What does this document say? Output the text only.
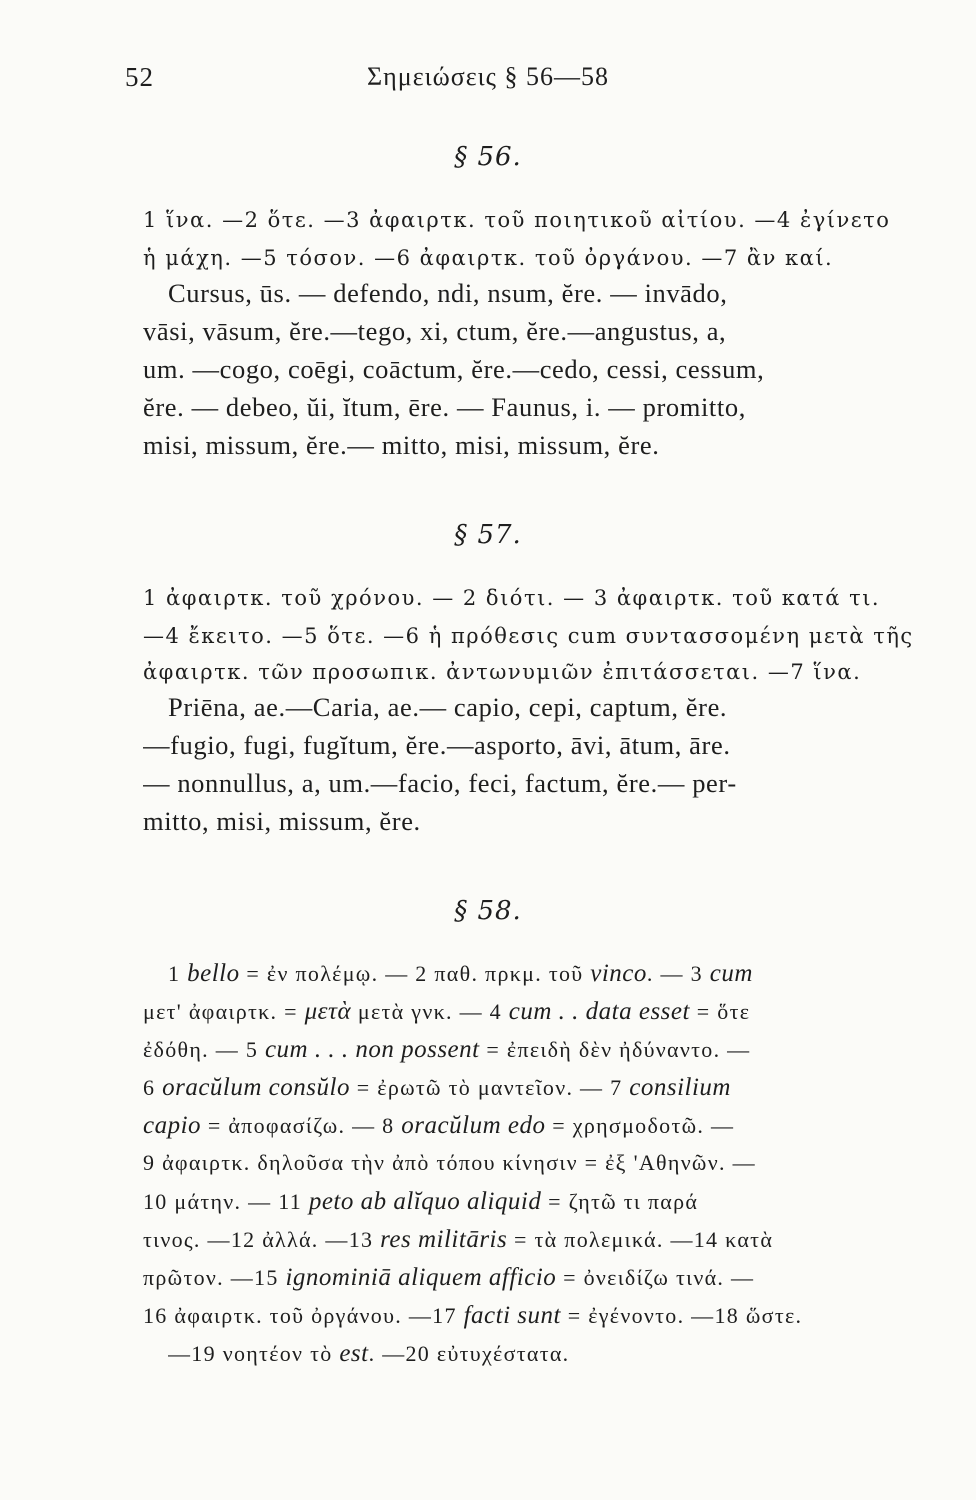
52	Σημειώσεις § 56—58
§ 56.
1 ἵνα. —2 ὅτε. —3 ἀφαιρτκ. τοῦ ποιητικοῦ αἰτίου. —4 ἐγίνετο
ἡ μάχη. —5 τόσον. —6 ἀφαιρτκ. τοῦ ὀργάνου. —7 ἂν καί.
Cursus, ūs. — defendo, ndi, nsum, ĕre. — invādo,
vāsi, vāsum, ĕre.—tego, xi, ctum, ĕre.—angustus, a,
um. —cogo, coēgi, coāctum, ĕre.—cedo, cessi, cessum,
ĕre. — debeo, ŭi, ĭtum, ēre. — Faunus, i. — promitto,
misi, missum, ĕre.— mitto, misi, missum, ĕre.
§ 57.
1 ἀφαιρτκ. τοῦ χρόνου. — 2 διότι. — 3 ἀφαιρτκ. τοῦ κατά τι.
—4 ἔκειτο. —5 ὅτε. —6 ἡ πρόθεσις cum συντασσομένη μετὰ τῆς
ἀφαιρτκ. τῶν προσωπικ. ἀντωνυμιῶν ἐπιτάσσεται. —7 ἵνα.
Priēna, ae.—Caria, ae.— capio, cepi, captum, ĕre.
—fugio, fugi, fugĭtum, ĕre.—asporto, āvi, ātum, āre.
— nonnullus, a, um.—facio, feci, factum, ĕre.— per-
mitto, misi, missum, ĕre.
§ 58.
1 bello = ἐν πολέμῳ. — 2 παθ. πρκμ. τοῦ vinco. — 3 cum
μετ' ἀφαιρτκ. = μετὰ μετὰ γνκ. — 4 cum . . data esset = ὅτε
ἐδόθη. — 5 cum . . . non possent = ἐπειδὴ δὲν ἠδύναντο. —
6 oracŭlum consŭlo = ἐρωτῶ τὸ μαντεῖον. — 7 consilium
capio = ἀποφασίζω. — 8 oracŭlum edo = χρησμοδοτῶ. —
9 ἀφαιρτκ. δηλοῦσα τὴν ἀπὸ τόπου κίνησιν = ἐξ 'Αθηνῶν. —
10 μάτην. — 11 peto ab alĭquo aliquid = ζητῶ τι παρά
τινος. —12 ἀλλά. —13 res militāris = τὰ πολεμικά. —14 κατὰ
πρῶτον. —15 ignominiā aliquem afficio = ὀνειδίζω τινά. —
16 ἀφαιρτκ. τοῦ ὀργάνου. —17 facti sunt = ἐγένοντο. —18 ὥστε.
—19 νοητέον τὸ est. —20 εὐτυχέστατα.
